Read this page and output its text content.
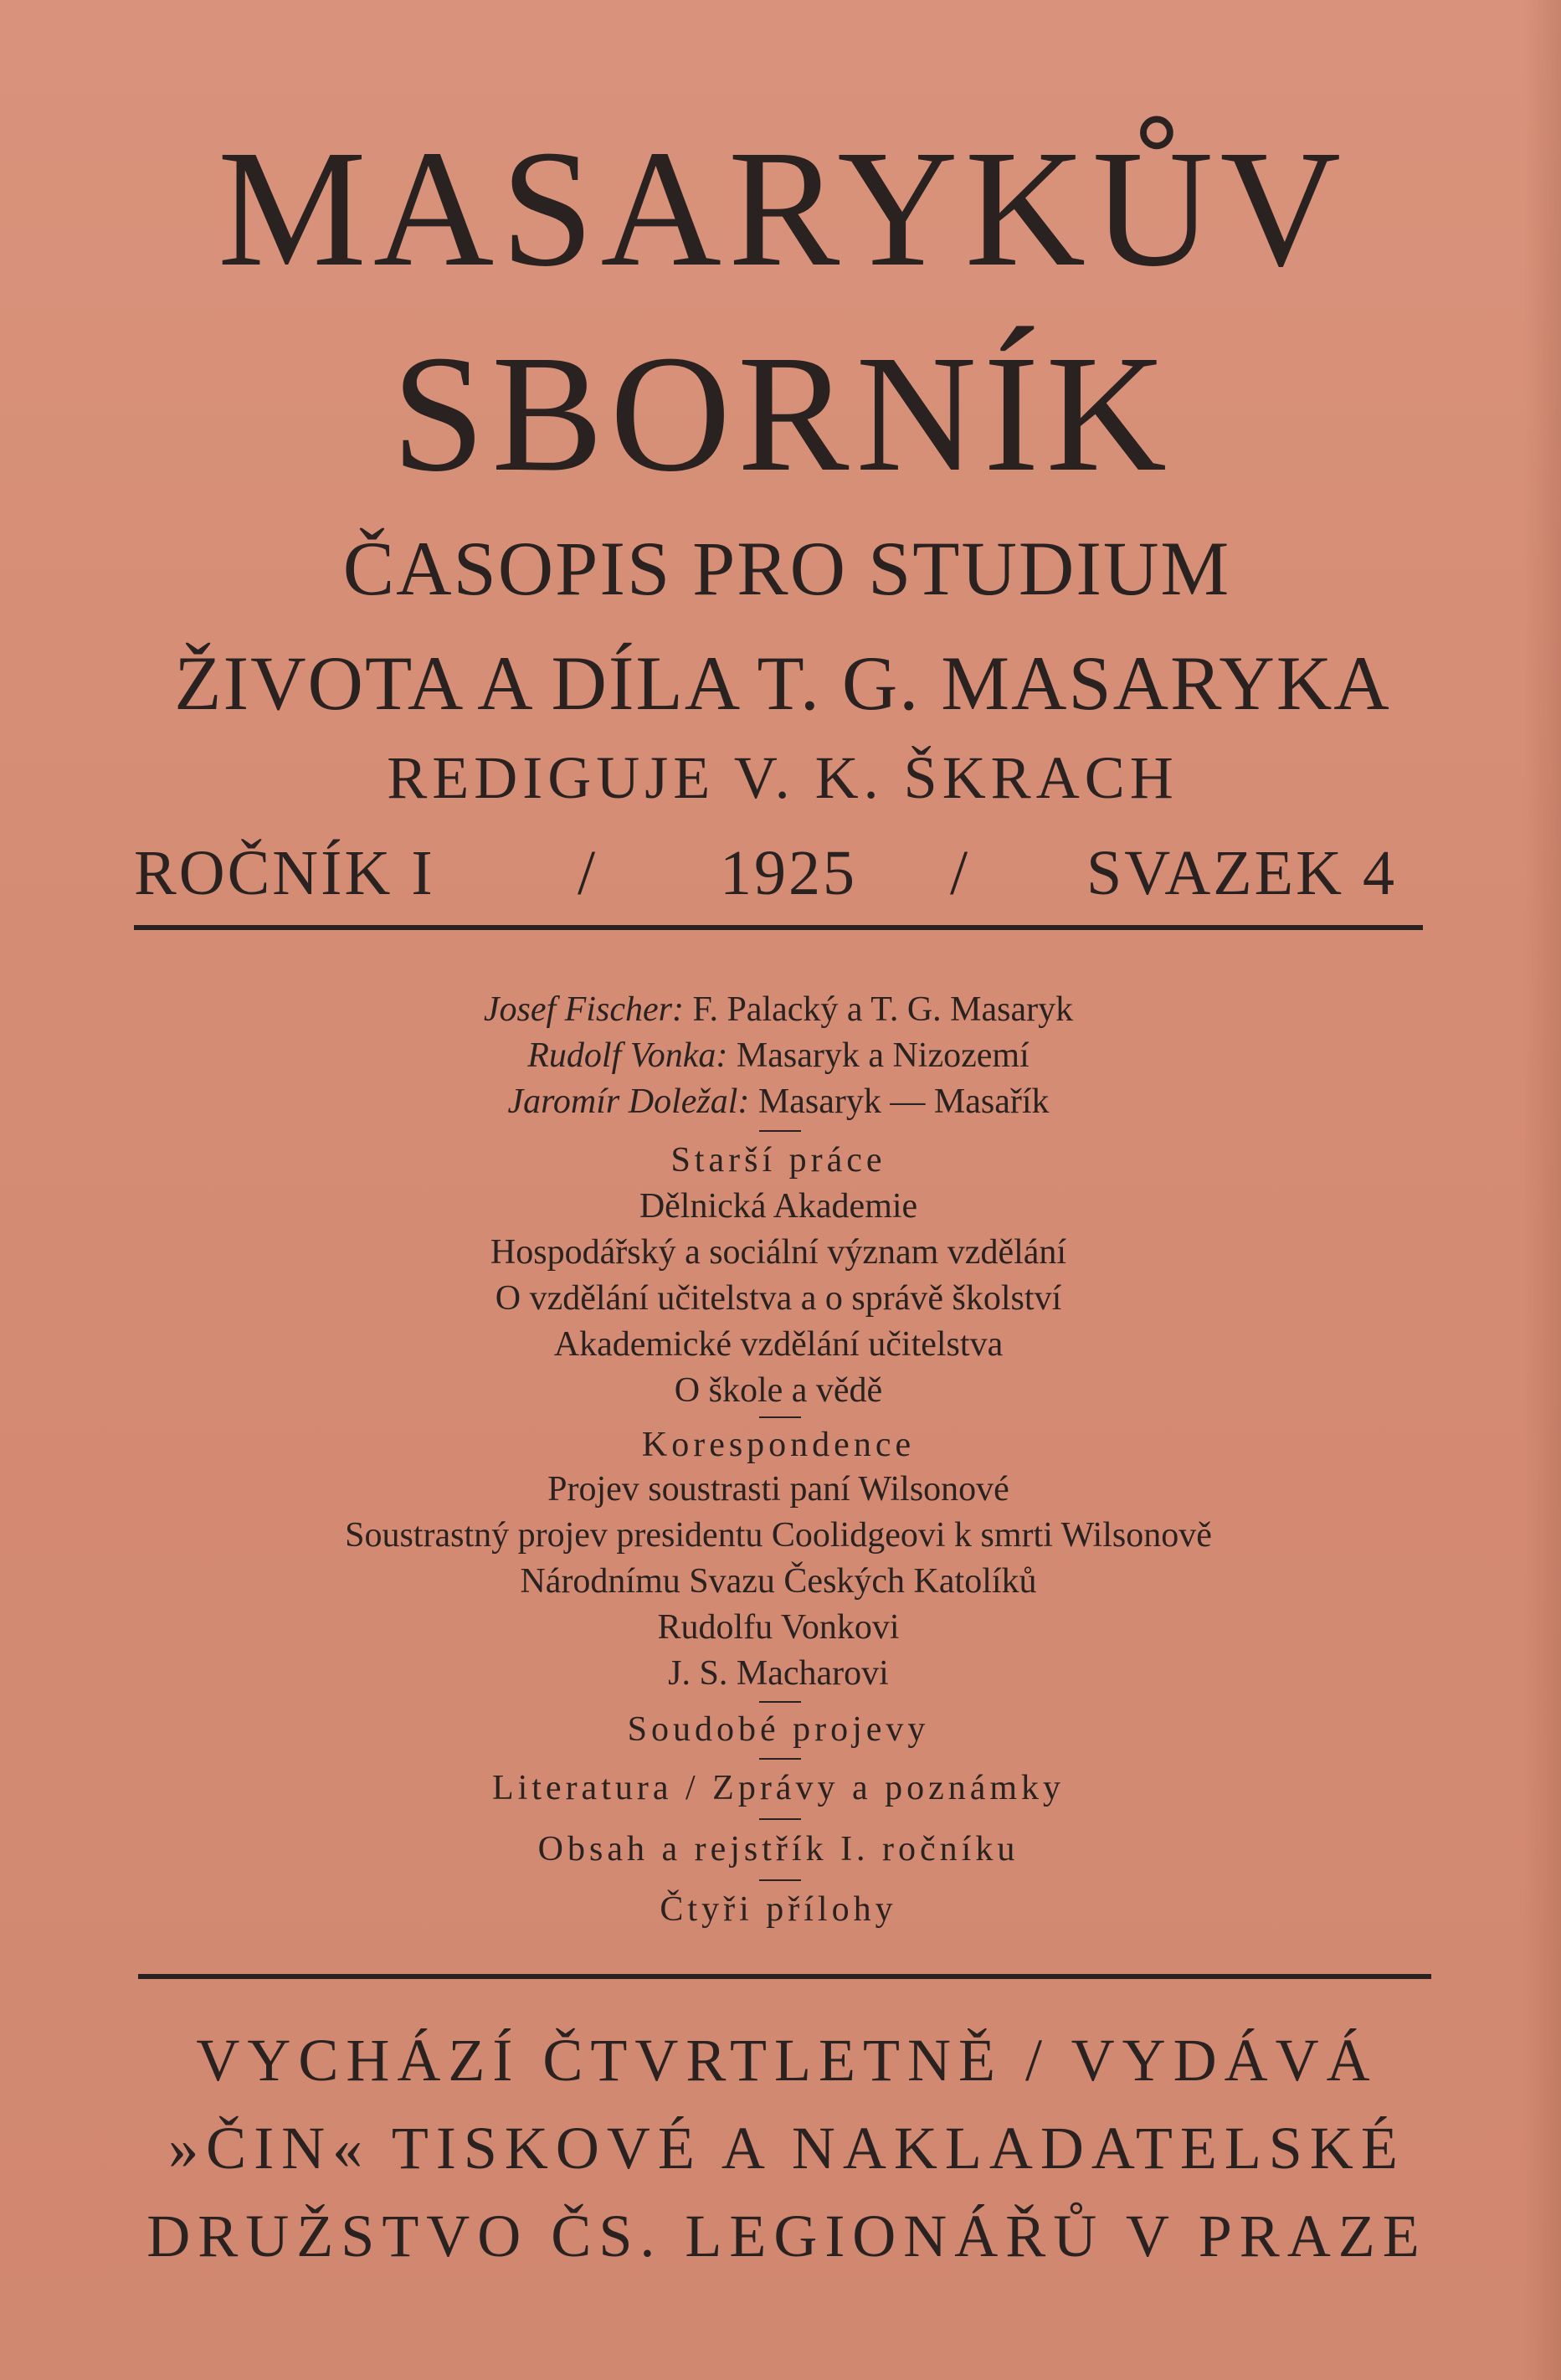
MASARYKŮV
SBORNÍK
ČASOPIS PRO STUDIUM
ŽIVOTA A DÍLA T. G. MASARYKA
REDIGUJE V. K. ŠKRACH
ROČNÍK I / 1925 / SVAZEK 4
Josef Fischer: F. Palacký a T. G. Masaryk
Rudolf Vonka: Masaryk a Nizozemí
Jaromír Doležal: Masaryk — Masařík
Starší práce
Dělnická Akademie
Hospodářský a sociální význam vzdělání
O vzdělání učitelstva a o správě školství
Akademické vzdělání učitelstva
O škole a vědě
Korespondence
Projev soustrasti paní Wilsonové
Soustrastný projev presidentu Coolidgeovi k smrti Wilsonově
Národnímu Svazu Českých Katolíků
Rudolfu Vonkovi
J. S. Macharovi
Soudobé projevy
Literatura / Zprávy a poznámky
Obsah a rejstřík I. ročníku
Čtyři přílohy
VYCHÁZÍ ČTVRTLETNĚ / VYDÁVÁ
»ČIN« TISKOVÉ A NAKLADATELSKÉ
DRUŽSTVO ČS. LEGIONÁŘŮ V PRAZE
